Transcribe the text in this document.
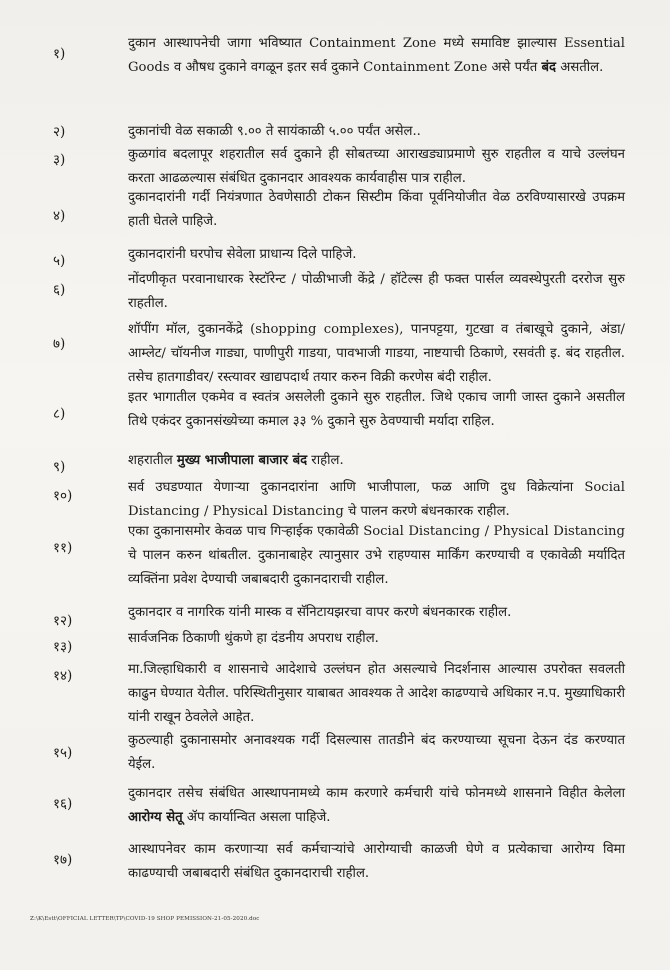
१)
दुकान आस्थापनेची जागा भविष्यात Containment Zone मध्ये समाविष्ट झाल्यास Essential Goods व औषध दुकाने वगळून इतर सर्व दुकाने Containment Zone असे पर्यंत बंद असतील.
२)	दुकानांची वेळ सकाळी ९.०० ते सायंकाळी ५.०० पर्यंत असेल..
३)	कुळगांव बदलापूर शहरातील सर्व दुकाने ही सोबतच्या आराखड्याप्रमाणे सुरु राहतील व याचे उल्लंघन करता आढळल्यास संबंधित दुकानदार आवश्यक कार्यवाहीस पात्र राहील.
४)
दुकानदारांनी गर्दी नियंत्रणात ठेवणेसाठी टोकन सिस्टीम किंवा पूर्वनियोजीत वेळ ठरविण्यासारखे उपक्रम हाती घेतले पाहिजे.
५)	दुकानदारांनी घरपोच सेवेला प्राधान्य दिले पाहिजे.
६)
नोंदणीकृत परवानाधारक रेस्टॉरेन्ट / पोळीभाजी केंद्रे / हॉटेल्स ही फक्त पार्सल व्यवस्थेपुरती दररोज सुरु राहतील.
७)
शॉपींग मॉल, दुकानकेंद्रे (shopping complexes), पानपट्टया, गुटखा व तंबाखूचे दुकाने, अंडा/आम्लेट/ चॉयनीज गाड्या, पाणीपुरी गाडया, पावभाजी गाडया, नाष्टयाची ठिकाणे, रसवंती इ. बंद राहतील. तसेच हातगाडीवर/ रस्त्यावर खाद्यपदार्थ तयार करुन विक्री करणेस बंदी राहील.
८)
इतर भागातील एकमेव व स्वतंत्र असलेली दुकाने सुरु राहतील. जिथे एकाच जागी जास्त दुकाने असतील तिथे एकंदर दुकानसंख्येच्या कमाल ३३ % दुकाने सुरु ठेवण्याची मर्यादा राहिल.
९)	शहरातील मुख्य भाजीपाला बाजार बंद राहील.
१०)
सर्व उघडण्यात येणाऱ्या दुकानदारांना आणि भाजीपाला, फळ आणि दुध विक्रेत्यांना Social Distancing / Physical Distancing चे पालन करणे बंधनकारक राहील.
११)
एका दुकानासमोर केवळ पाच गिऱ्हाईक एकावेळी Social Distancing / Physical Distancing चे पालन करुन थांबतील. दुकानाबाहेर त्यानुसार उभे राहण्यास मार्किंग करण्याची व एकावेळी मर्यादित व्यक्तिंना प्रवेश देण्याची जबाबदारी दुकानदाराची राहील.
१२)
दुकानदार व नागरिक यांनी मास्क व सॅनिटायझरचा वापर करणे बंधनकारक राहील.
१३)
सार्वजनिक ठिकाणी थुंकणे हा दंडनीय अपराध राहील.
१४)	मा.जिल्हाधिकारी व शासनाचे आदेशाचे उल्लंघन होत असल्याचे निदर्शनास आल्यास उपरोक्त सवलती काढुन घेण्यात येतील. परिस्थितीनुसार याबाबत आवश्यक ते आदेश काढण्याचे अधिकार न.प. मुख्याधिकारी यांनी राखून ठेवलेले आहेत.
१५)
कुठल्याही दुकानासमोर अनावश्यक गर्दी दिसल्यास तातडीने बंद करण्याच्या सूचना देऊन दंड करण्यात येईल.
१६)
दुकानदार तसेच संबंधित आस्थापनामध्ये काम करणारे कर्मचारी यांचे फोनमध्ये शासनाने विहीत केलेला आरोग्य सेतू ॲप कार्यान्वित असला पाहिजे.
१७)
आस्थापनेवर काम करणाऱ्या सर्व कर्मचाऱ्यांचे आरोग्याची काळजी घेणे व प्रत्येकाचा आरोग्य विमा काढण्याची जबाबदारी संबंधित दुकानदाराची राहील.
Z:\K\Estt\OFFICIAL LETTER\TP\COVID-19 SHOP PEMISSION-21-05-2020.doc
